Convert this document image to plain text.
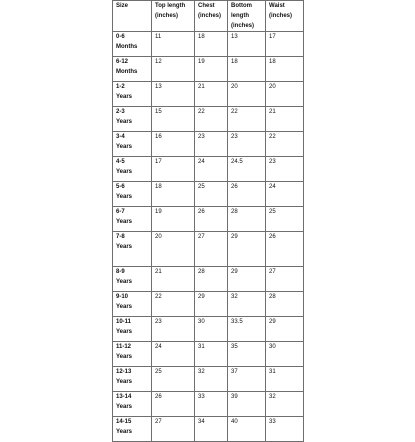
Size	Top length (inches)	Chest (inches)	Bottom length (inches)	Waist (inches)

0-6
Months	11	18	13	17

6-12
Months	12	19	18	18

1-2
Years	13	21	20	20

2-3
Years	15	22	22	21

3-4
Years	16	23	23	22

4-5
Years	17	24	24.5	23

5-6
Years	18	25	26	24

6-7
Years	19	26	28	25

7-8
Years	20	27	29	26

8-9
Years	21	28	29	27

9-10
Years	22	29	32	28

10-11
Years	23	30	33.5	29

11-12
Years	24	31	35	30

12-13
Years	25	32	37	31

13-14
Years	26	33	39	32

14-15
Years	27	34	40	33
